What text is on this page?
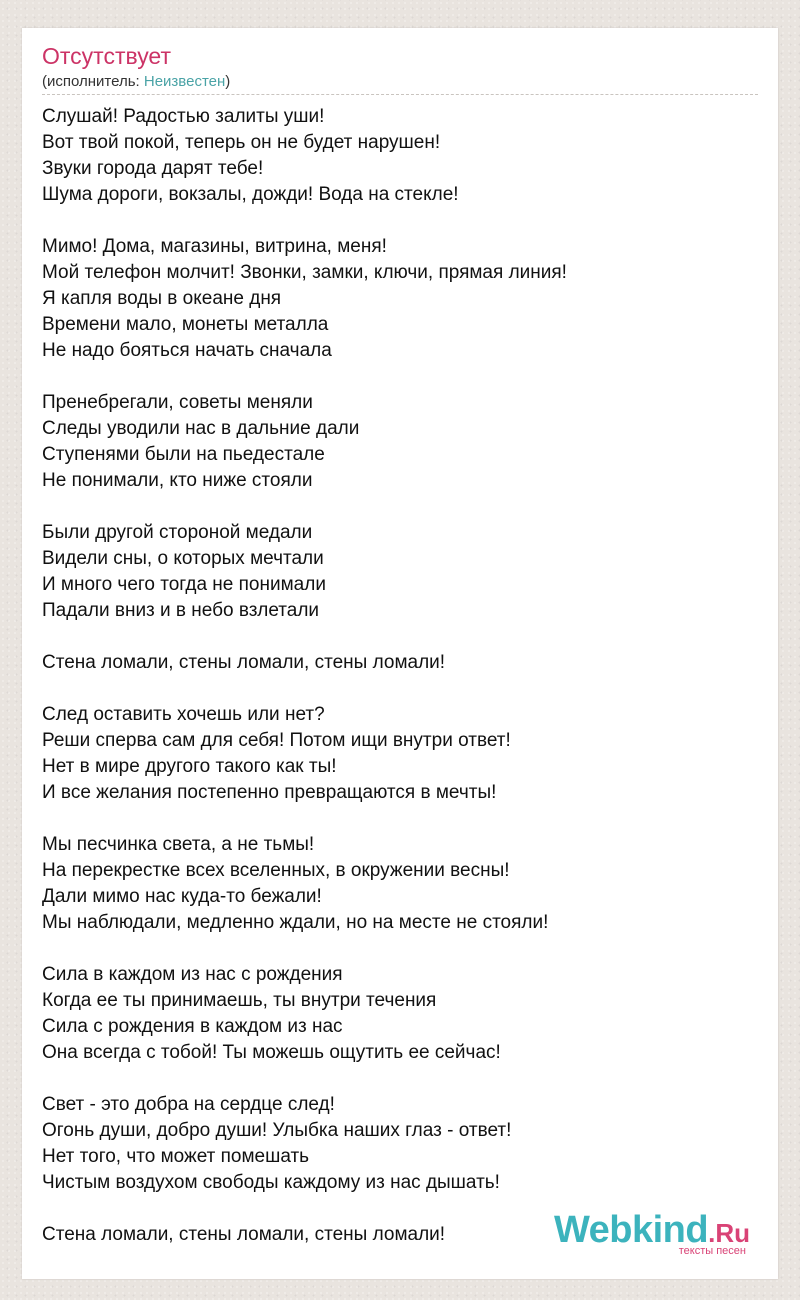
Отсутствует
(исполнитель: Неизвестен)
Слушай! Радостью залиты уши!
Вот твой покой, теперь он не будет нарушен!
Звуки города дарят тебе!
Шума дороги, вокзалы, дожди! Вода на стекле!
Мимо! Дома, магазины, витрина, меня!
Мой телефон молчит! Звонки, замки, ключи, прямая линия!
Я капля воды в океане дня
Времени мало, монеты металла
Не надо бояться начать сначала
Пренебрегали, советы меняли
Следы уводили нас в дальние дали
Ступенями были на пьедестале
Не понимали, кто ниже стояли
Были другой стороной медали
Видели сны, о которых мечтали
И много чего тогда не понимали
Падали вниз и в небо взлетали
Стена ломали, стены ломали, стены ломали!
След оставить хочешь или нет?
Реши сперва сам для себя! Потом ищи внутри ответ!
Нет в мире другого такого как ты!
И все желания постепенно превращаются в мечты!
Мы песчинка света, а не тьмы!
На перекрестке всех вселенных, в окружении весны!
Дали мимо нас куда-то бежали!
Мы наблюдали, медленно ждали, но на месте не стояли!
Сила в каждом из нас с рождения
Когда ее ты принимаешь, ты внутри течения
Сила с рождения в каждом из нас
Она всегда с тобой! Ты можешь ощутить ее сейчас!
Свет - это добра на сердце след!
Огонь души, добро души! Улыбка наших глаз - ответ!
Нет того, что может помешать
Чистым воздухом свободы каждому из нас дышать!
Стена ломали, стены ломали, стены ломали!	Webkind.Ru
тексты песен
